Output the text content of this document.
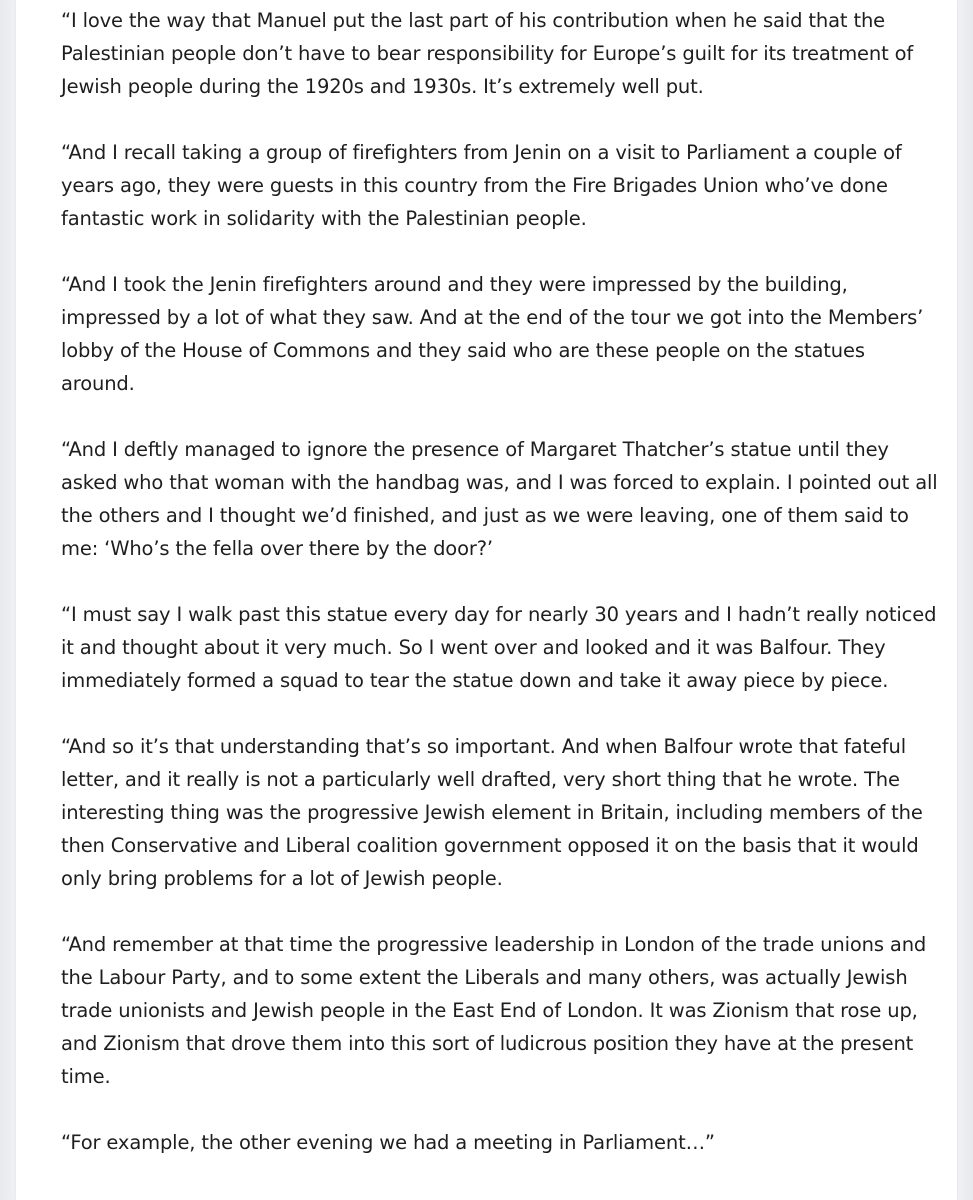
“I love the way that Manuel put the last part of his contribution when he said that the Palestinian people don’t have to bear responsibility for Europe’s guilt for its treatment of Jewish people during the 1920s and 1930s. It’s extremely well put.

“And I recall taking a group of firefighters from Jenin on a visit to Parliament a couple of years ago, they were guests in this country from the Fire Brigades Union who’ve done fantastic work in solidarity with the Palestinian people.

“And I took the Jenin firefighters around and they were impressed by the building, impressed by a lot of what they saw. And at the end of the tour we got into the Members’ lobby of the House of Commons and they said who are these people on the statues around.

“And I deftly managed to ignore the presence of Margaret Thatcher’s statue until they asked who that woman with the handbag was, and I was forced to explain. I pointed out all the others and I thought we’d finished, and just as we were leaving, one of them said to me: ‘Who’s the fella over there by the door?’

“I must say I walk past this statue every day for nearly 30 years and I hadn’t really noticed it and thought about it very much. So I went over and looked and it was Balfour. They immediately formed a squad to tear the statue down and take it away piece by piece.

“And so it’s that understanding that’s so important. And when Balfour wrote that fateful letter, and it really is not a particularly well drafted, very short thing that he wrote. The interesting thing was the progressive Jewish element in Britain, including members of the then Conservative and Liberal coalition government opposed it on the basis that it would only bring problems for a lot of Jewish people.

“And remember at that time the progressive leadership in London of the trade unions and the Labour Party, and to some extent the Liberals and many others, was actually Jewish trade unionists and Jewish people in the East End of London. It was Zionism that rose up, and Zionism that drove them into this sort of ludicrous position they have at the present time.

“For example, the other evening we had a meeting in Parliament…”
